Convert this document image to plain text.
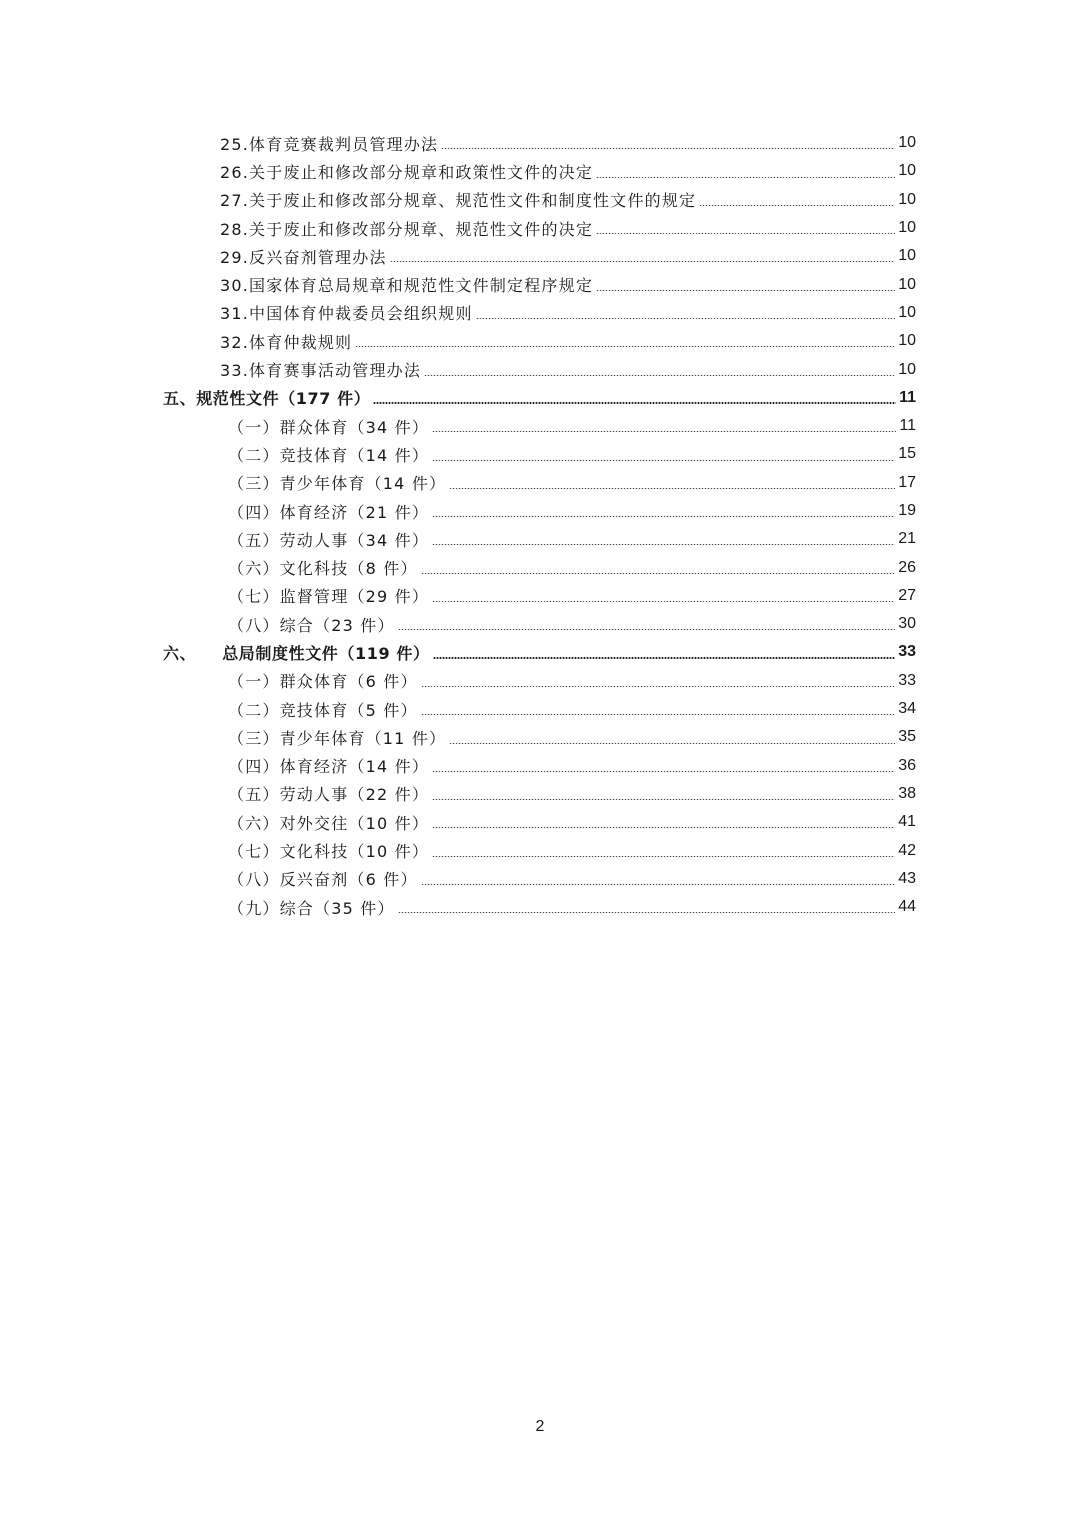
25.体育竞赛裁判员管理办法	10
26.关于废止和修改部分规章和政策性文件的决定	10
27.关于废止和修改部分规章、规范性文件和制度性文件的规定	10
28.关于废止和修改部分规章、规范性文件的决定	10
29.反兴奋剂管理办法	10
30.国家体育总局规章和规范性文件制定程序规定	10
31.中国体育仲裁委员会组织规则	10
32.体育仲裁规则	10
33.体育赛事活动管理办法	10
五、规范性文件（177 件）	11
（一）群众体育（34 件）	11
（二）竞技体育（14 件）	15
（三）青少年体育（14 件）	17
（四）体育经济（21 件）	19
（五）劳动人事（34 件）	21
（六）文化科技（8 件）	26
（七）监督管理（29 件）	27
（八）综合（23 件）	30
六、 总局制度性文件（119 件）	33
（一）群众体育（6 件）	33
（二）竞技体育（5 件）	34
（三）青少年体育（11 件）	35
（四）体育经济（14 件）	36
（五）劳动人事（22 件）	38
（六）对外交往（10 件）	41
（七）文化科技（10 件）	42
（八）反兴奋剂（6 件）	43
（九）综合（35 件）	44
2
